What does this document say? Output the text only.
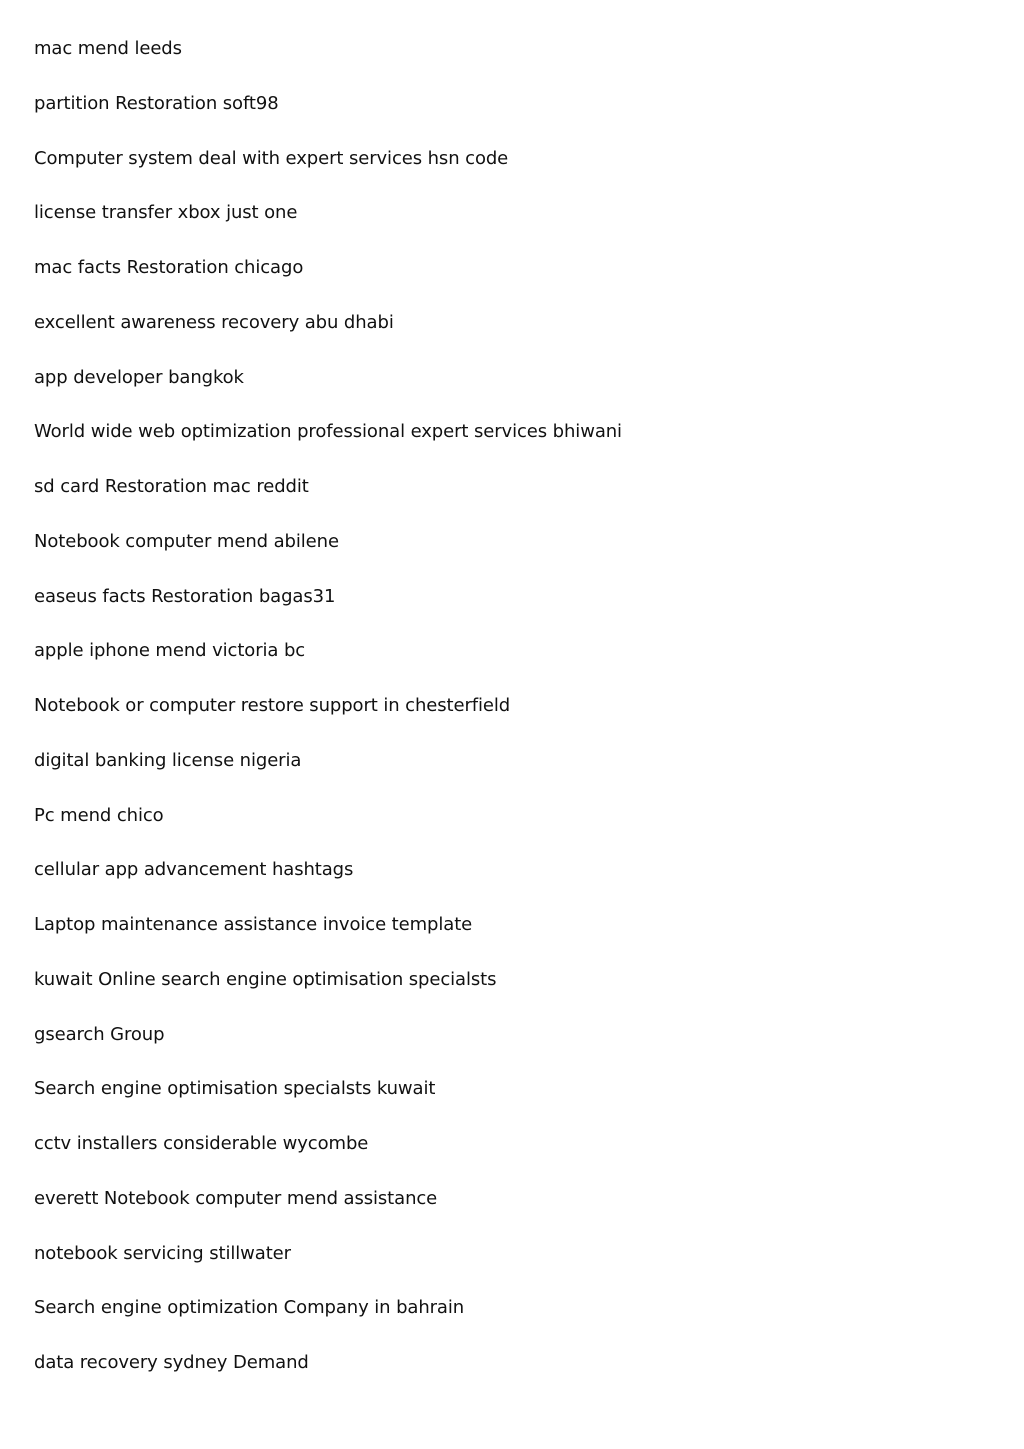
mac mend leeds
partition Restoration soft98
Computer system deal with expert services hsn code
license transfer xbox just one
mac facts Restoration chicago
excellent awareness recovery abu dhabi
app developer bangkok
World wide web optimization professional expert services bhiwani
sd card Restoration mac reddit
Notebook computer mend abilene
easeus facts Restoration bagas31
apple iphone mend victoria bc
Notebook or computer restore support in chesterfield
digital banking license nigeria
Pc mend chico
cellular app advancement hashtags
Laptop maintenance assistance invoice template
kuwait Online search engine optimisation specialsts
gsearch Group
Search engine optimisation specialsts kuwait
cctv installers considerable wycombe
everett Notebook computer mend assistance
notebook servicing stillwater
Search engine optimization Company in bahrain
data recovery sydney Demand
